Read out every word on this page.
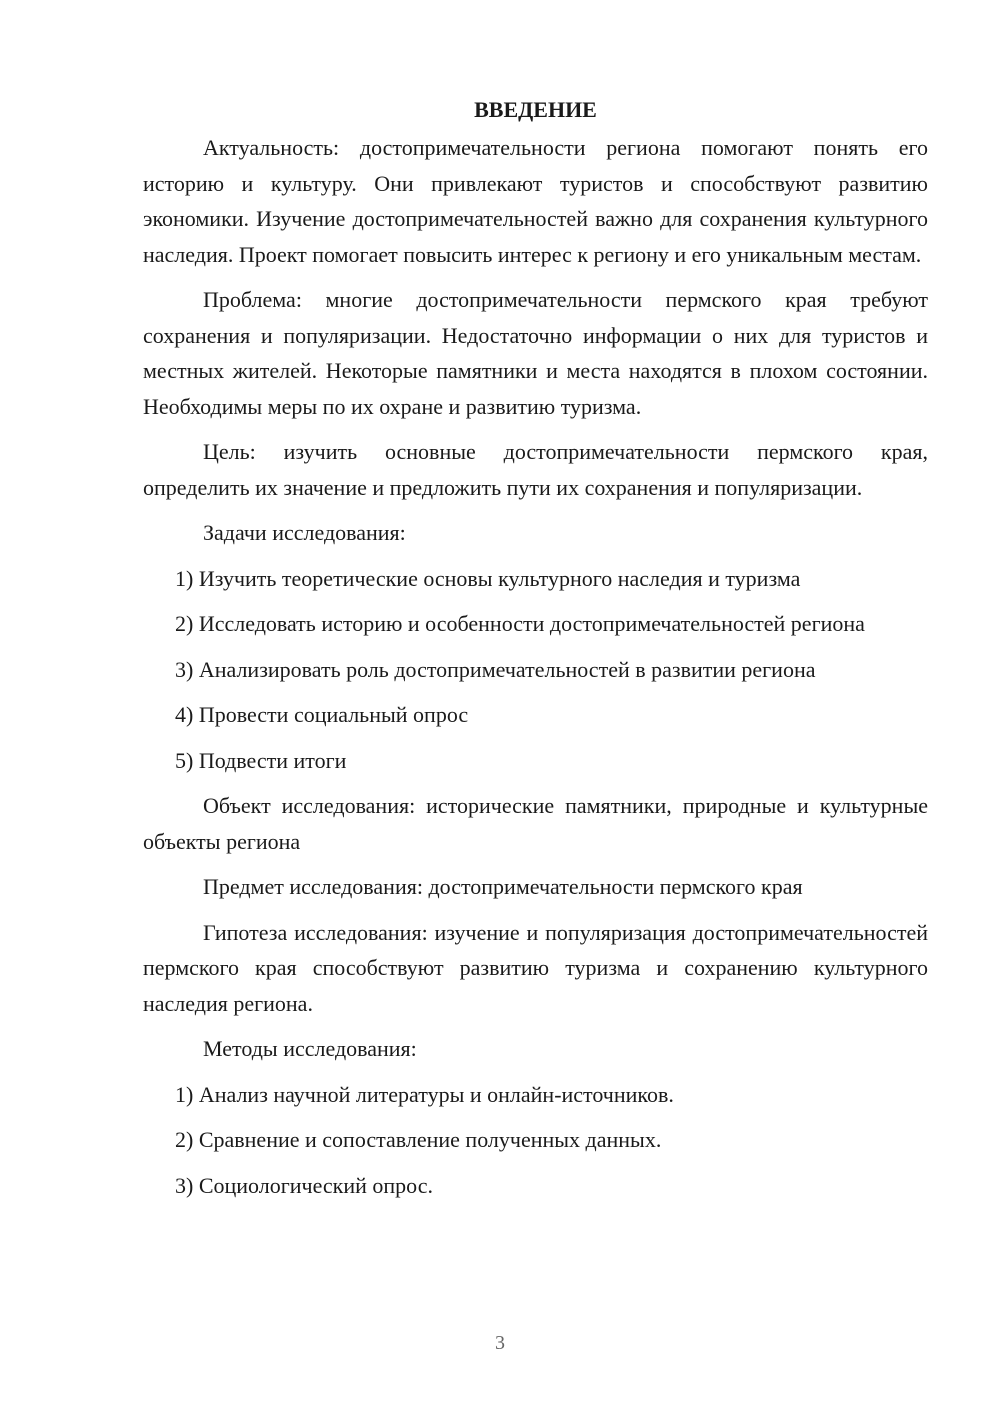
ВВЕДЕНИЕ

Актуальность: достопримечательности региона помогают понять его историю и культуру. Они привлекают туристов и способствуют развитию экономики. Изучение достопримечательностей важно для сохранения культурного наследия. Проект помогает повысить интерес к региону и его уникальным местам.

Проблема: многие достопримечательности пермского края требуют сохранения и популяризации. Недостаточно информации о них для туристов и местных жителей. Некоторые памятники и места находятся в плохом состоянии. Необходимы меры по их охране и развитию туризма.

Цель: изучить основные достопримечательности пермского края, определить их значение и предложить пути их сохранения и популяризации.

Задачи исследования:

1) Изучить теоретические основы культурного наследия и туризма

2) Исследовать историю и особенности достопримечательностей региона

3) Анализировать роль достопримечательностей в развитии региона

4) Провести социальный опрос

5) Подвести итоги

Объект исследования: исторические памятники, природные и культурные объекты региона

Предмет исследования: достопримечательности пермского края

Гипотеза исследования: изучение и популяризация достопримечательностей пермского края способствуют развитию туризма и сохранению культурного наследия региона.

Методы исследования:

1) Анализ научной литературы и онлайн-источников.

2) Сравнение и сопоставление полученных данных.

3) Социологический опрос.

3
